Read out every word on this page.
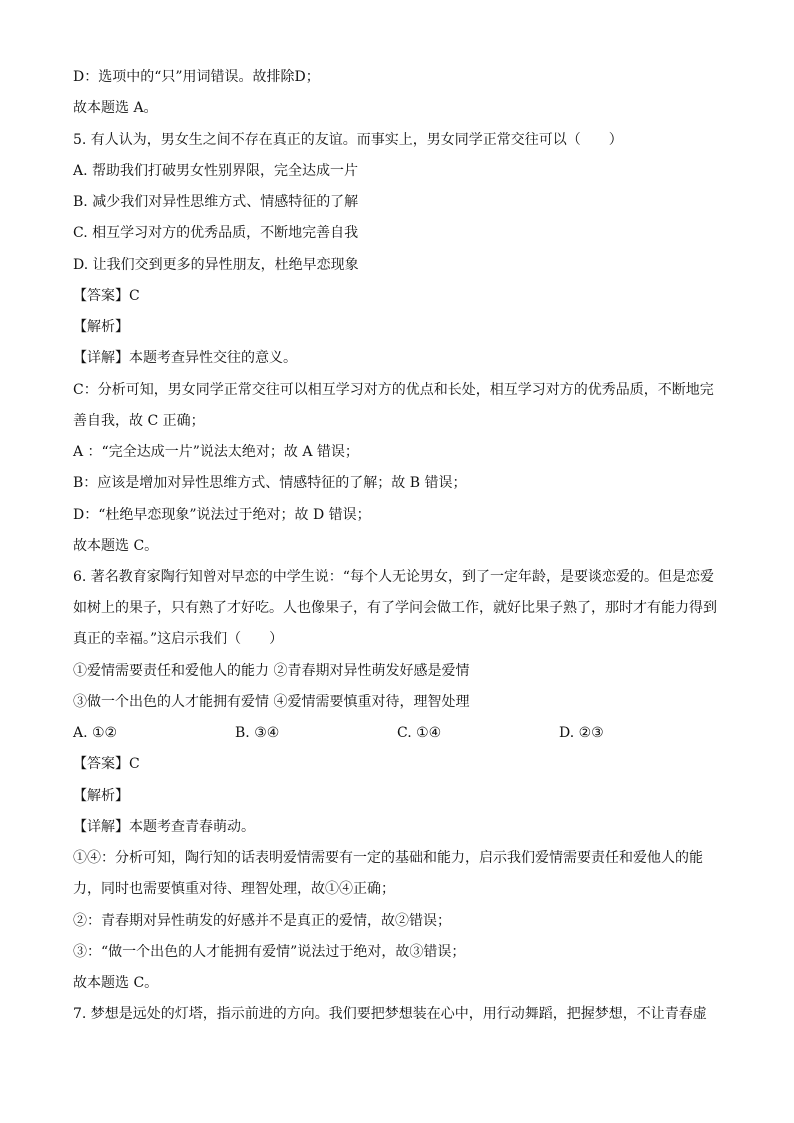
D：选项中的“只”用词错误。故排除D；
故本题选 A。
5. 有人认为，男女生之间不存在真正的友谊。而事实上，男女同学正常交往可以（　　）
A. 帮助我们打破男女性别界限，完全达成一片
B. 减少我们对异性思维方式、情感特征的了解
C. 相互学习对方的优秀品质，不断地完善自我
D. 让我们交到更多的异性朋友，杜绝早恋现象
【答案】C
【解析】
【详解】本题考查异性交往的意义。
C：分析可知，男女同学正常交往可以相互学习对方的优点和长处，相互学习对方的优秀品质，不断地完
善自我，故 C 正确；
A ：“完全达成一片”说法太绝对；故 A 错误；
B：应该是增加对异性思维方式、情感特征的了解；故 B 错误；
D：“杜绝早恋现象”说法过于绝对；故 D 错误；
故本题选 C。
6. 著名教育家陶行知曾对早恋的中学生说：“每个人无论男女，到了一定年龄，是要谈恋爱的。但是恋爱
如树上的果子，只有熟了才好吃。人也像果子，有了学问会做工作，就好比果子熟了，那时才有能力得到
真正的幸福。”这启示我们（　　）
①爱情需要责任和爱他人的能力 ②青春期对异性萌发好感是爱情
③做一个出色的人才能拥有爱情 ④爱情需要慎重对待，理智处理
A. ①②	B. ③④	C. ①④	D. ②③
【答案】C
【解析】
【详解】本题考查青春萌动。
①④：分析可知，陶行知的话表明爱情需要有一定的基础和能力，启示我们爱情需要责任和爱他人的能
力，同时也需要慎重对待、理智处理，故①④正确；
②：青春期对异性萌发的好感并不是真正的爱情，故②错误；
③：“做一个出色的人才能拥有爱情”说法过于绝对，故③错误；
故本题选 C。
7. 梦想是远处的灯塔，指示前进的方向。我们要把梦想装在心中，用行动舞蹈，把握梦想，不让青春虚
